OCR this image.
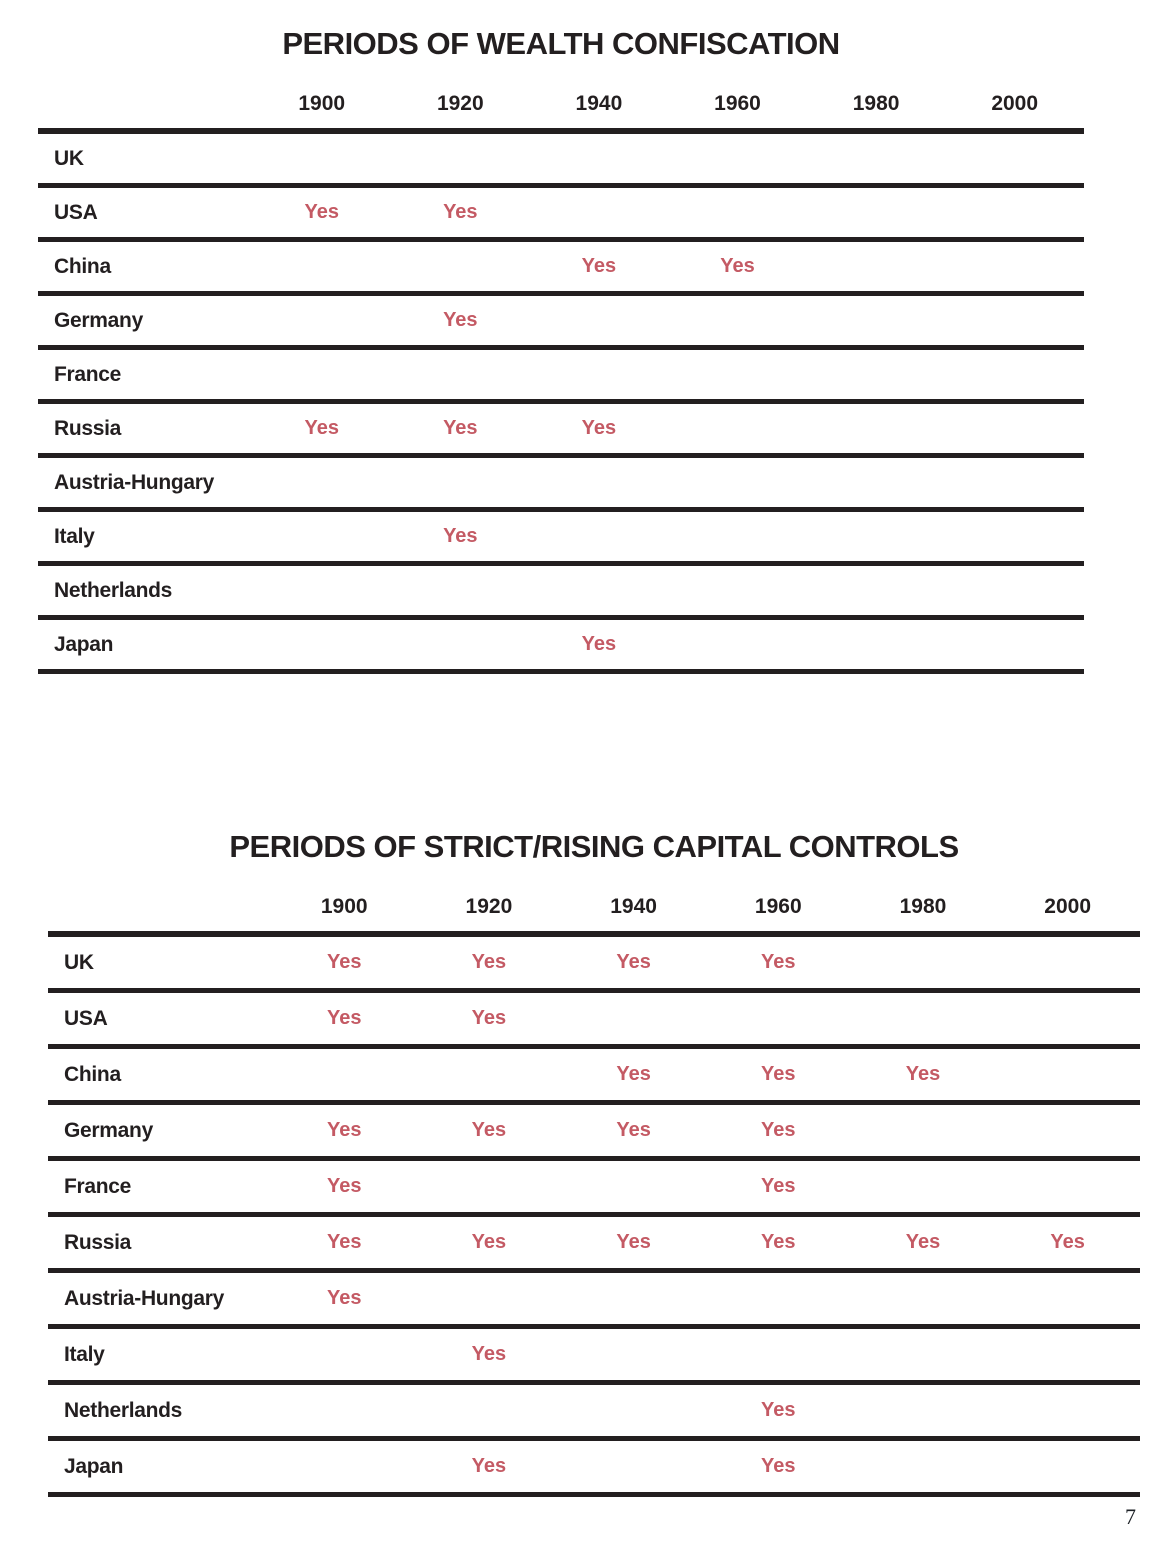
PERIODS OF WEALTH CONFISCATION
	1900	1920	1940	1960	1980	2000
UK						
USA	Yes	Yes				
China			Yes	Yes		
Germany		Yes				
France						
Russia	Yes	Yes	Yes			
Austria-Hungary						
Italy		Yes				
Netherlands						
Japan			Yes			
PERIODS OF STRICT/RISING CAPITAL CONTROLS
	1900	1920	1940	1960	1980	2000
UK	Yes	Yes	Yes	Yes		
USA	Yes	Yes				
China			Yes	Yes	Yes	
Germany	Yes	Yes	Yes	Yes		
France	Yes			Yes		
Russia	Yes	Yes	Yes	Yes	Yes	Yes
Austria-Hungary	Yes					
Italy		Yes				
Netherlands				Yes		
Japan		Yes		Yes		
7
